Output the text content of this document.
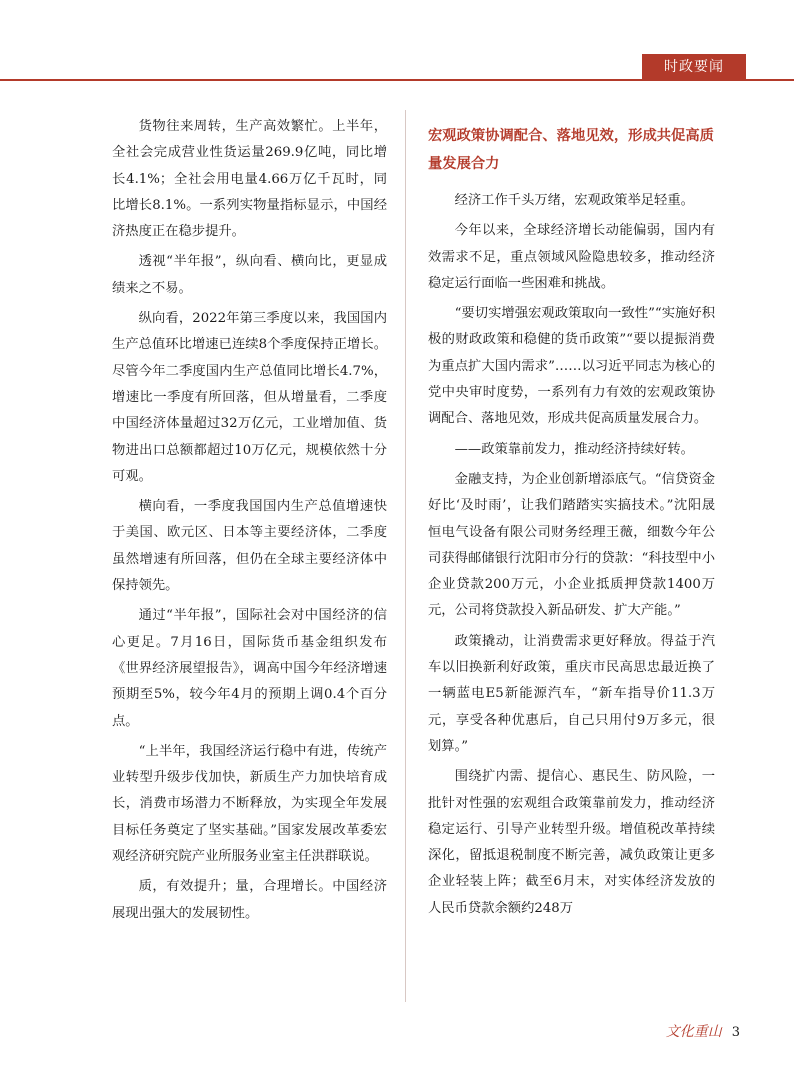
时政要闻

货物往来周转，生产高效繁忙。上半年，全社会完成营业性货运量269.9亿吨，同比增长4.1%；全社会用电量4.66万亿千瓦时，同比增长8.1%。一系列实物量指标显示，中国经济热度正在稳步提升。

透视“半年报”，纵向看、横向比，更显成绩来之不易。

纵向看，2022年第三季度以来，我国国内生产总值环比增速已连续8个季度保持正增长。尽管今年二季度国内生产总值同比增长4.7%，增速比一季度有所回落，但从增量看，二季度中国经济体量超过32万亿元，工业增加值、货物进出口总额都超过10万亿元，规模依然十分可观。

横向看，一季度我国国内生产总值增速快于美国、欧元区、日本等主要经济体，二季度虽然增速有所回落，但仍在全球主要经济体中保持领先。

通过“半年报”，国际社会对中国经济的信心更足。7月16日，国际货币基金组织发布《世界经济展望报告》，调高中国今年经济增速预期至5%，较今年4月的预期上调0.4个百分点。

“上半年，我国经济运行稳中有进，传统产业转型升级步伐加快，新质生产力加快培育成长，消费市场潜力不断释放，为实现全年发展目标任务奠定了坚实基础。”国家发展改革委宏观经济研究院产业所服务业室主任洪群联说。

质，有效提升；量，合理增长。中国经济展现出强大的发展韧性。

宏观政策协调配合、落地见效，形成共促高质量发展合力

经济工作千头万绪，宏观政策举足轻重。

今年以来，全球经济增长动能偏弱，国内有效需求不足，重点领域风险隐患较多，推动经济稳定运行面临一些困难和挑战。

“要切实增强宏观政策取向一致性”“实施好积极的财政政策和稳健的货币政策”“要以提振消费为重点扩大国内需求”……以习近平同志为核心的党中央审时度势，一系列有力有效的宏观政策协调配合、落地见效，形成共促高质量发展合力。

——政策靠前发力，推动经济持续好转。

金融支持，为企业创新增添底气。“信贷资金好比‘及时雨’，让我们踏踏实实搞技术。”沈阳晟恒电气设备有限公司财务经理王薇，细数今年公司获得邮储银行沈阳市分行的贷款：“科技型中小企业贷款200万元，小企业抵质押贷款1400万元，公司将贷款投入新品研发、扩大产能。”

政策撬动，让消费需求更好释放。得益于汽车以旧换新利好政策，重庆市民高思忠最近换了一辆蓝电E5新能源汽车，“新车指导价11.3万元，享受各种优惠后，自己只用付9万多元，很划算。”

围绕扩内需、提信心、惠民生、防风险，一批针对性强的宏观组合政策靠前发力，推动经济稳定运行、引导产业转型升级。增值税改革持续深化，留抵退税制度不断完善，减负政策让更多企业轻装上阵；截至6月末，对实体经济发放的人民币贷款余额约248万

文化重山 3
